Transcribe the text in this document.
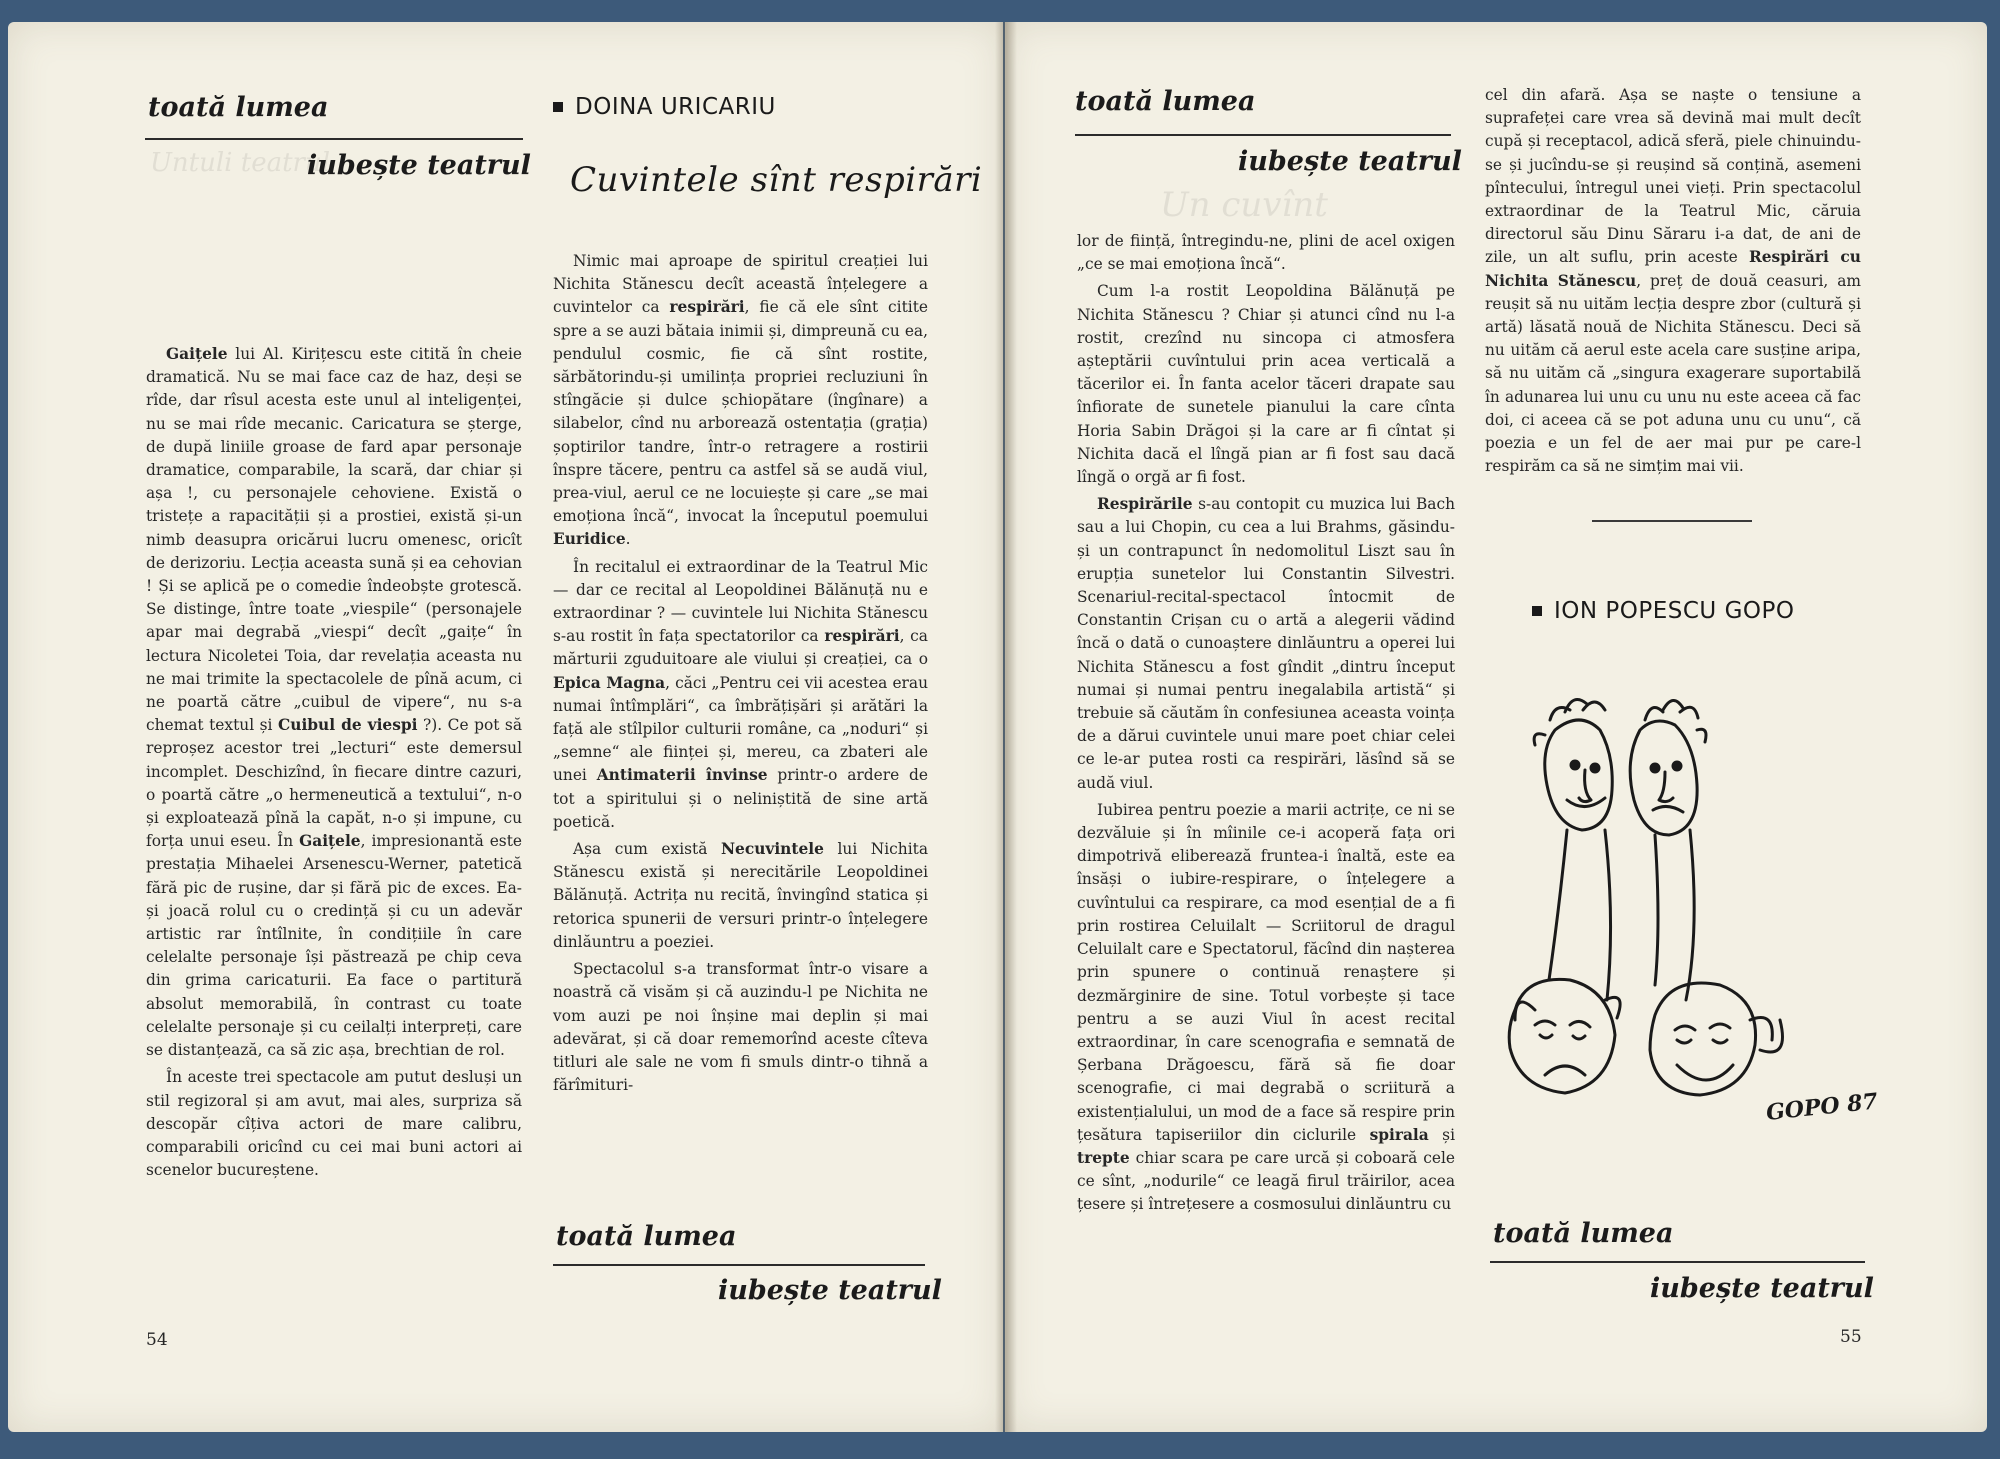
Untuli teatrul
Un cuvînt
toată lumea
iubește teatrul

Gaițele lui Al. Kirițescu este citită în cheie dramatică. Nu se mai face caz de haz, deși se rîde, dar rîsul acesta este unul al inteligenței, nu se mai rîde mecanic. Caricatura se șterge, de după liniile groase de fard apar personaje dramatice, comparabile, la scară, dar chiar și așa !, cu personajele cehoviene. Există o tristețe a rapacității și a prostiei, există și-un nimb deasupra oricărui lucru omenesc, oricît de derizoriu. Lecția aceasta sună și ea cehovian ! Și se aplică pe o comedie îndeobște grotescă. Se distinge, între toate „viespile“ (personajele apar mai degrabă „viespi“ decît „gaițe“ în lectura Nicoletei Toia, dar revelația aceasta nu ne mai trimite la spectacolele de pînă acum, ci ne poartă către „cuibul de vipere“, nu s-a chemat textul și Cuibul de viespi ?). Ce pot să reproșez acestor trei „lecturi“ este demersul incomplet. Deschizînd, în fiecare dintre cazuri, o poartă către „o hermeneutică a textului“, n-o și exploatează pînă la capăt, n-o și impune, cu forța unui eseu. În Gaițele, impresionantă este prestația Mihaelei Arsenescu-Werner, patetică fără pic de rușine, dar și fără pic de exces. Ea-și joacă rolul cu o credință și cu un adevăr artistic rar întîlnite, în condițiile în care celelalte personaje își păstrează pe chip ceva din grima caricaturii. Ea face o partitură absolut memorabilă, în contrast cu toate celelalte personaje și cu ceilalți interpreți, care se distanțează, ca să zic așa, brechtian de rol.

În aceste trei spectacole am putut desluși un stil regizoral și am avut, mai ales, surpriza să descopăr cîțiva actori de mare calibru, comparabili oricînd cu cei mai buni actori ai scenelor bucureștene.

54
DOINA URICARIU
Cuvintele sînt respirări

Nimic mai aproape de spiritul creației lui Nichita Stănescu decît această înțelegere a cuvintelor ca respirări, fie că ele sînt citite spre a se auzi bătaia inimii și, dimpreună cu ea, pendulul cosmic, fie că sînt rostite, sărbătorindu-și umilința propriei recluziuni în stîngăcie și dulce șchiopătare (îngînare) a silabelor, cînd nu arborează ostentația (grația) șoptirilor tandre, într-o retragere a rostirii înspre tăcere, pentru ca astfel să se audă viul, prea-viul, aerul ce ne locuiește și care „se mai emoționa încă“, invocat la începutul poemului Euridice.

În recitalul ei extraordinar de la Teatrul Mic — dar ce recital al Leopoldinei Bălănuță nu e extraordinar ? — cuvintele lui Nichita Stănescu s-au rostit în fața spectatorilor ca respirări, ca mărturii zguduitoare ale viului și creației, ca o Epica Magna, căci „Pentru cei vii acestea erau numai întîmplări“, ca îmbrățișări și arătări la față ale stîlpilor culturii române, ca „noduri“ și „semne“ ale ființei și, mereu, ca zbateri ale unei Antimaterii învinse printr-o ardere de tot a spiritului și o neliniștită de sine artă poetică.

Așa cum există Necuvintele lui Nichita Stănescu există și nerecitările Leopoldinei Bălănuță. Actrița nu recită, învingînd statica și retorica spunerii de versuri printr-o înțelegere dinlăuntru a poeziei.

Spectacolul s-a transformat într-o visare a noastră că visăm și că auzindu-l pe Nichita ne vom auzi pe noi înșine mai deplin și mai adevărat, și că doar rememorînd aceste cîteva titluri ale sale ne vom fi smuls dintr-o tihnă a fărîmituri-

toată lumea
iubește teatrul
toată lumea
iubește teatrul

lor de ființă, întregindu-ne, plini de acel oxigen „ce se mai emoționa încă“.

Cum l-a rostit Leopoldina Bălănuță pe Nichita Stănescu ? Chiar și atunci cînd nu l-a rostit, crezînd nu sincopa ci atmosfera așteptării cuvîntului prin acea verticală a tăcerilor ei. În fanta acelor tăceri drapate sau înfiorate de sunetele pianului la care cînta Horia Sabin Drăgoi și la care ar fi cîntat și Nichita dacă el lîngă pian ar fi fost sau dacă lîngă o orgă ar fi fost.

Respirările s-au contopit cu muzica lui Bach sau a lui Chopin, cu cea a lui Brahms, găsindu-și un contrapunct în nedomolitul Liszt sau în erupția sunetelor lui Constantin Silvestri. Scenariul-recital-spectacol întocmit de Constantin Crișan cu o artă a alegerii vădind încă o dată o cunoaștere dinlăuntru a operei lui Nichita Stănescu a fost gîndit „dintru început numai și numai pentru inegalabila artistă“ și trebuie să căutăm în confesiunea aceasta voința de a dărui cuvintele unui mare poet chiar celei ce le-ar putea rosti ca respirări, lăsînd să se audă viul.

Iubirea pentru poezie a marii actrițe, ce ni se dezvăluie și în mîinile ce-i acoperă fața ori dimpotrivă eliberează fruntea-i înaltă, este ea însăși o iubire-respirare, o înțelegere a cuvîntului ca respirare, ca mod esențial de a fi prin rostirea Celuilalt — Scriitorul de dragul Celuilalt care e Spectatorul, făcînd din nașterea prin spunere o continuă renaștere și dezmărginire de sine. Totul vorbește și tace pentru a se auzi Viul în acest recital extraordinar, în care scenografia e semnată de Șerbana Drăgoescu, fără să fie doar scenografie, ci mai degrabă o scriitură a existențialului, un mod de a face să respire prin țesătura tapiseriilor din ciclurile spirala și trepte chiar scara pe care urcă și coboară cele ce sînt, „nodurile“ ce leagă firul trăirilor, acea țesere și întrețesere a cosmosului dinlăuntru cu

cel din afară. Așa se naște o tensiune a suprafeței care vrea să devină mai mult decît cupă și receptacol, adică sferă, piele chinuindu-se și jucîndu-se și reușind să conțină, asemeni pîntecului, întregul unei vieți. Prin spectacolul extraordinar de la Teatrul Mic, căruia directorul său Dinu Săraru i-a dat, de ani de zile, un alt suflu, prin aceste Respirări cu Nichita Stănescu, preț de două ceasuri, am reușit să nu uităm lecția despre zbor (cultură și artă) lăsată nouă de Nichita Stănescu. Deci să nu uităm că aerul este acela care susține aripa, să nu uităm că „singura exagerare suportabilă în adunarea lui unu cu unu nu este aceea că fac doi, ci aceea că se pot aduna unu cu unu“, că poezia e un fel de aer mai pur pe care-l respirăm ca să ne simțim mai vii.

ION POPESCU GOPO
GOPO 87
toată lumea
iubește teatrul
55
